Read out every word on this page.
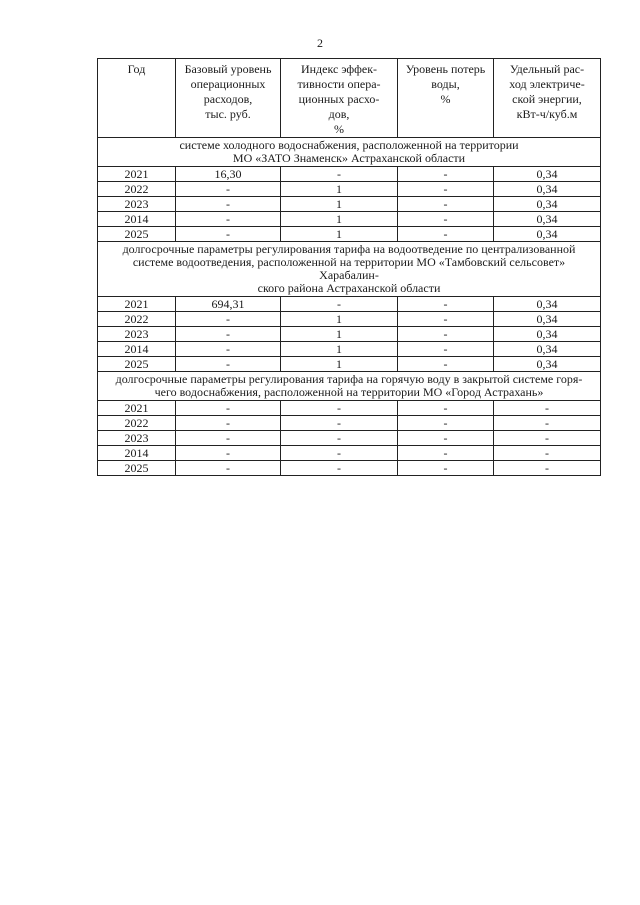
2
Год	Базовый уровень
операционных
расходов,
тыс. руб.	Индекс эффек-
тивности опера-
ционных расхо-
дов,
%	Уровень потерь
воды,
%	Удельный рас-
ход электриче-
ской энергии,
кВт-ч/куб.м
системе холодного водоснабжения, расположенной на территории
МО «ЗАТО Знаменск» Астраханской области				
2021	16,30	-	-	0,34
2022	-	1	-	0,34
2023	-	1	-	0,34
2014	-	1	-	0,34
2025	-	1	-	0,34
долгосрочные параметры регулирования тарифа на водоотведение по централизованной
системе водоотведения, расположенной на территории МО «Тамбовский сельсовет» Харабалин-
ского района Астраханской области				
2021	694,31	-	-	0,34
2022	-	1	-	0,34
2023	-	1	-	0,34
2014	-	1	-	0,34
2025	-	1	-	0,34
долгосрочные параметры регулирования тарифа на горячую воду в закрытой системе горя-
чего водоснабжения, расположенной на территории МО «Город Астрахань»				
2021	-	-	-	-
2022	-	-	-	-
2023	-	-	-	-
2014	-	-	-	-
2025	-	-	-	-
